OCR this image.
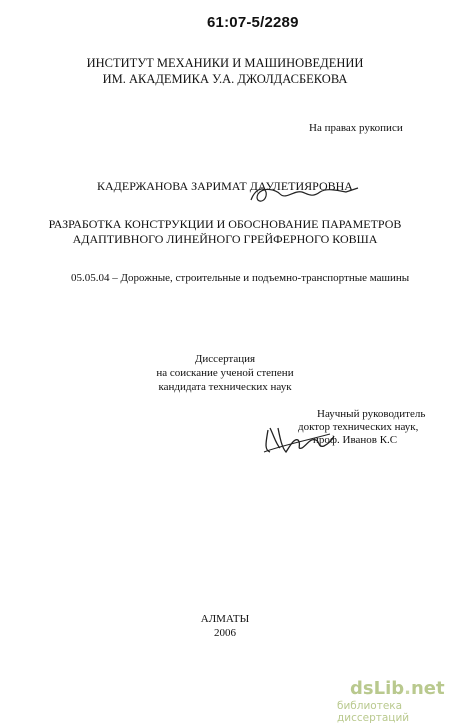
61:07-5/2289
ИНСТИТУТ МЕХАНИКИ И МАШИНОВЕДЕНИИ
ИМ. АКАДЕМИКА У.А. ДЖОЛДАСБЕКОВА
На правах рукописи
КАДЕРЖАНОВА ЗАРИМАТ ДАУЛЕТИЯРОВНА
РАЗРАБОТКА КОНСТРУКЦИИ И ОБОСНОВАНИЕ ПАРАМЕТРОВ
АДАПТИВНОГО ЛИНЕЙНОГО ГРЕЙФЕРНОГО КОВША
05.05.04 – Дорожные, строительные и подъемно-транспортные машины
Диссертация
на соискание ученой степени
кандидата технических наук
Научный руководитель
доктор технических наук,
проф. Иванов К.С
АЛМАТЫ
2006
dsLib.net
библиотека диссертаций
